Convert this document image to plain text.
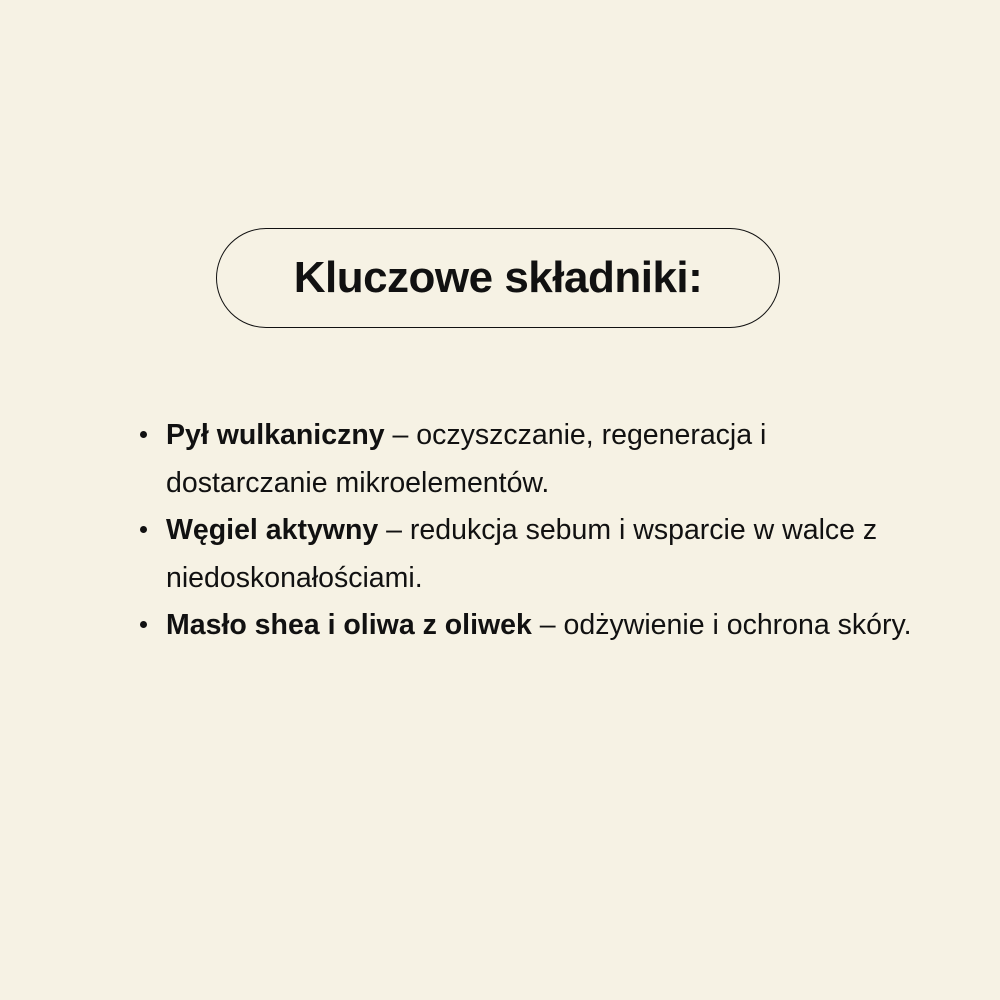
Kluczowe składniki:
Pył wulkaniczny – oczyszczanie, regeneracja i dostarczanie mikroelementów.
Węgiel aktywny – redukcja sebum i wsparcie w walce z niedoskonałościami.
Masło shea i oliwa z oliwek – odżywienie i ochrona skóry.
